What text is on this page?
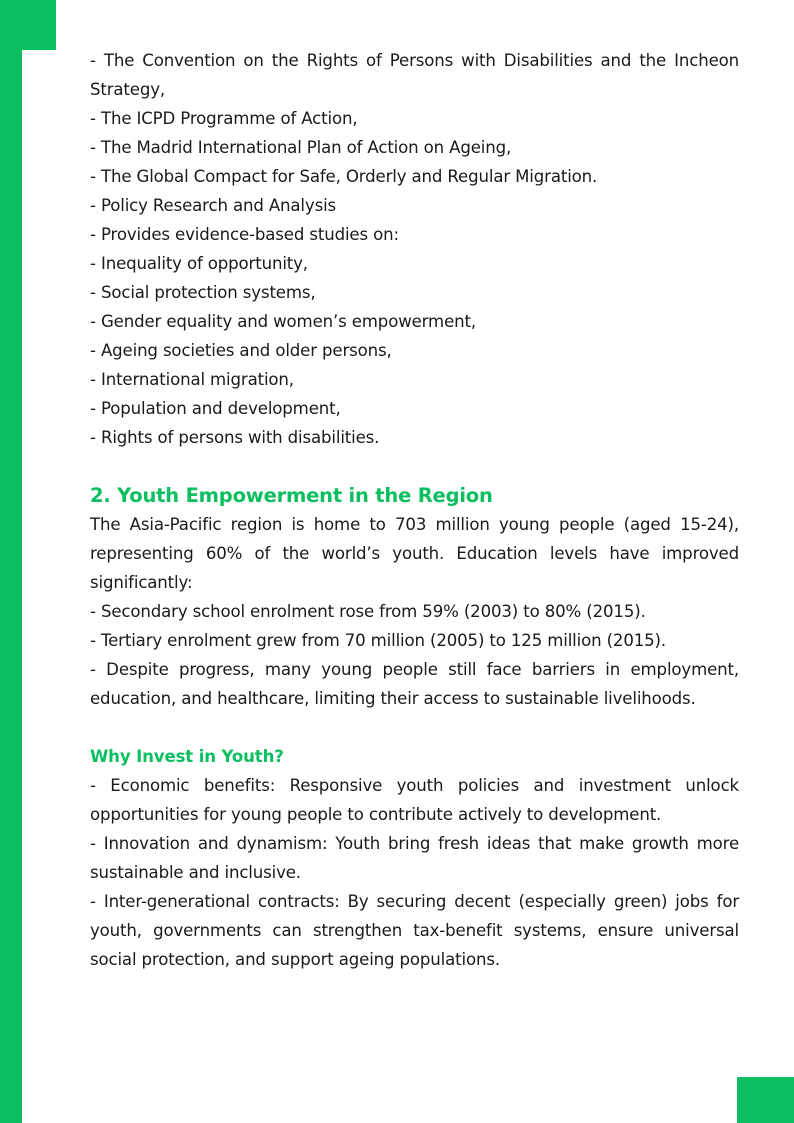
- The Convention on the Rights of Persons with Disabilities and the Incheon Strategy,

- The ICPD Programme of Action,

- The Madrid International Plan of Action on Ageing,

- The Global Compact for Safe, Orderly and Regular Migration.

- Policy Research and Analysis

- Provides evidence-based studies on:

- Inequality of opportunity,

- Social protection systems,

- Gender equality and women’s empowerment,

- Ageing societies and older persons,

- International migration,

- Population and development,

- Rights of persons with disabilities.

2. Youth Empowerment in the Region

The Asia-Pacific region is home to 703 million young people (aged 15-24), representing 60% of the world’s youth. Education levels have improved significantly:

- Secondary school enrolment rose from 59% (2003) to 80% (2015).

- Tertiary enrolment grew from 70 million (2005) to 125 million (2015).

- Despite progress, many young people still face barriers in employment, education, and healthcare, limiting their access to sustainable livelihoods.

Why Invest in Youth?

- Economic benefits: Responsive youth policies and investment unlock opportunities for young people to contribute actively to development.

- Innovation and dynamism: Youth bring fresh ideas that make growth more sustainable and inclusive.

- Inter-generational contracts: By securing decent (especially green) jobs for youth, governments can strengthen tax-benefit systems, ensure universal social protection, and support ageing populations.
